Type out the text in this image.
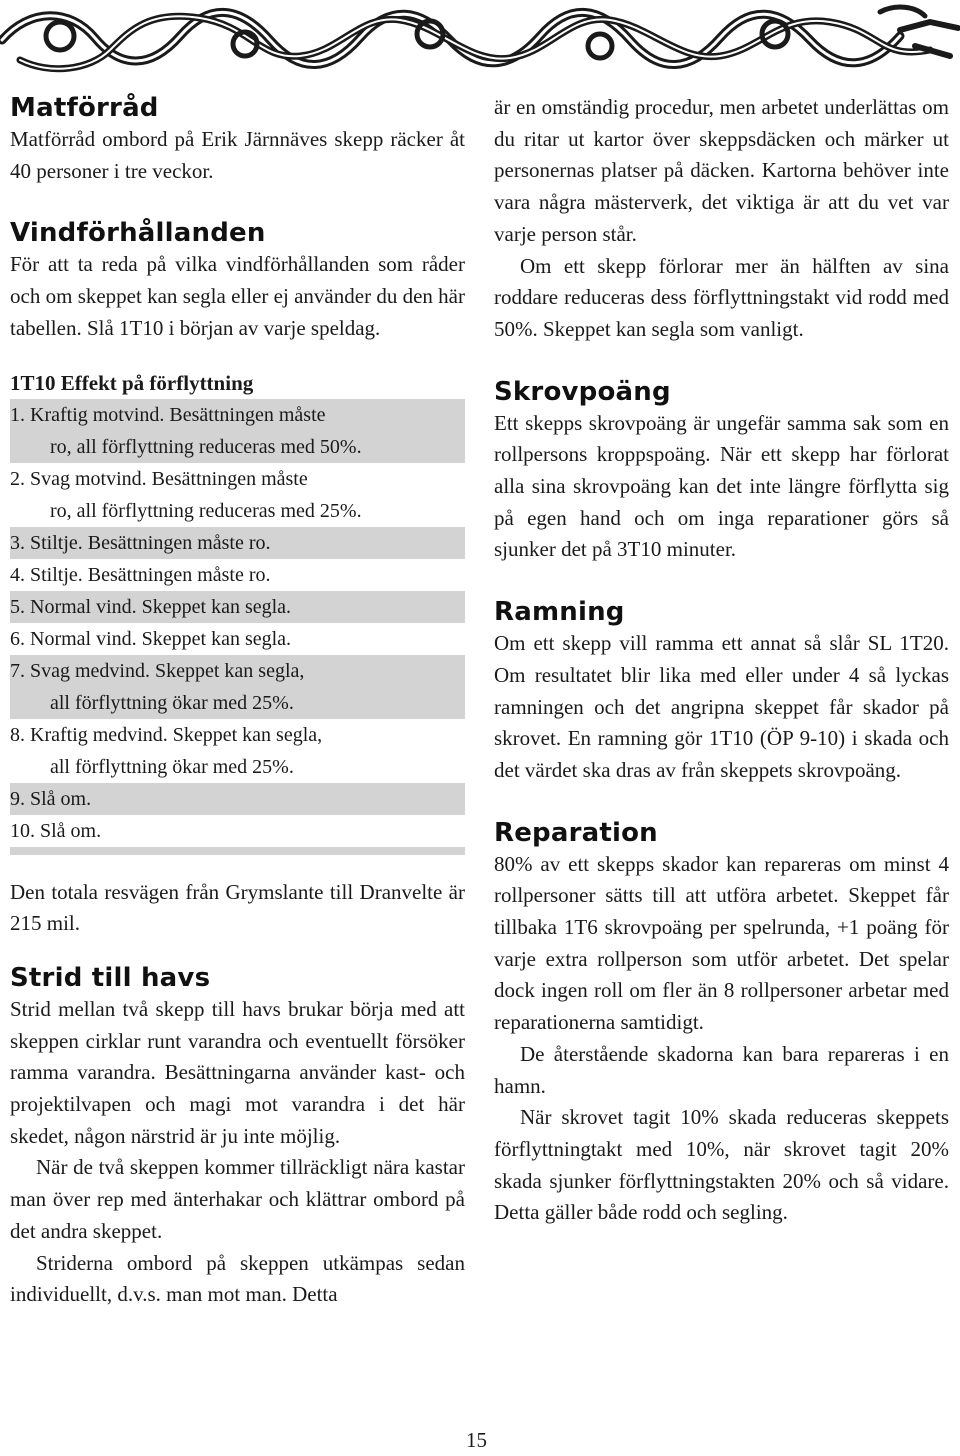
Matförråd

Matförråd ombord på Erik Järnnäves skepp räcker åt 40 personer i tre veckor.

Vindförhållanden

För att ta reda på vilka vindförhållanden som råder och om skeppet kan segla eller ej använder du den här tabellen. Slå 1T10 i början av varje speldag.

1T10 Effekt på förflyttning
1. Kraftig motvind. Besättningen måste
ro, all förflyttning reduceras med 50%.
2. Svag motvind. Besättningen måste
ro, all förflyttning reduceras med 25%.
3. Stiltje. Besättningen måste ro.
4. Stiltje. Besättningen måste ro.
5. Normal vind. Skeppet kan segla.
6. Normal vind. Skeppet kan segla.
7. Svag medvind. Skeppet kan segla,
all förflyttning ökar med 25%.
8. Kraftig medvind. Skeppet kan segla,
all förflyttning ökar med 25%.
9. Slå om.
10. Slå om.

Den totala resvägen från Grymslante till Dranvelte är 215 mil.

Strid till havs

Strid mellan två skepp till havs brukar börja med att skeppen cirklar runt varandra och eventuellt försöker ramma varandra. Besättningarna använder kast- och projektilvapen och magi mot varandra i det här skedet, någon närstrid är ju inte möjlig.

När de två skeppen kommer tillräckligt nära kastar man över rep med änterhakar och klättrar ombord på det andra skeppet.

Striderna ombord på skeppen utkämpas sedan individuellt, d.v.s. man mot man. Detta

är en omständig procedur, men arbetet underlättas om du ritar ut kartor över skeppsdäcken och märker ut personernas platser på däcken. Kartorna behöver inte vara några mästerverk, det viktiga är att du vet var varje person står.

Om ett skepp förlorar mer än hälften av sina roddare reduceras dess förflyttningstakt vid rodd med 50%. Skeppet kan segla som vanligt.

Skrovpoäng

Ett skepps skrovpoäng är ungefär samma sak som en rollpersons kroppspoäng. När ett skepp har förlorat alla sina skrovpoäng kan det inte längre förflytta sig på egen hand och om inga reparationer görs så sjunker det på 3T10 minuter.

Ramning

Om ett skepp vill ramma ett annat så slår SL 1T20. Om resultatet blir lika med eller under 4 så lyckas ramningen och det angripna skeppet får skador på skrovet. En ramning gör 1T10 (ÖP 9-10) i skada och det värdet ska dras av från skeppets skrovpoäng.

Reparation

80% av ett skepps skador kan repareras om minst 4 rollpersoner sätts till att utföra arbetet. Skeppet får tillbaka 1T6 skrovpoäng per spelrunda, +1 poäng för varje extra rollperson som utför arbetet. Det spelar dock ingen roll om fler än 8 rollpersoner arbetar med reparationerna samtidigt.

De återstående skadorna kan bara repareras i en hamn.

När skrovet tagit 10% skada reduceras skeppets förflyttningtakt med 10%, när skrovet tagit 20% skada sjunker förflyttningstakten 20% och så vidare. Detta gäller både rodd och segling.

15
